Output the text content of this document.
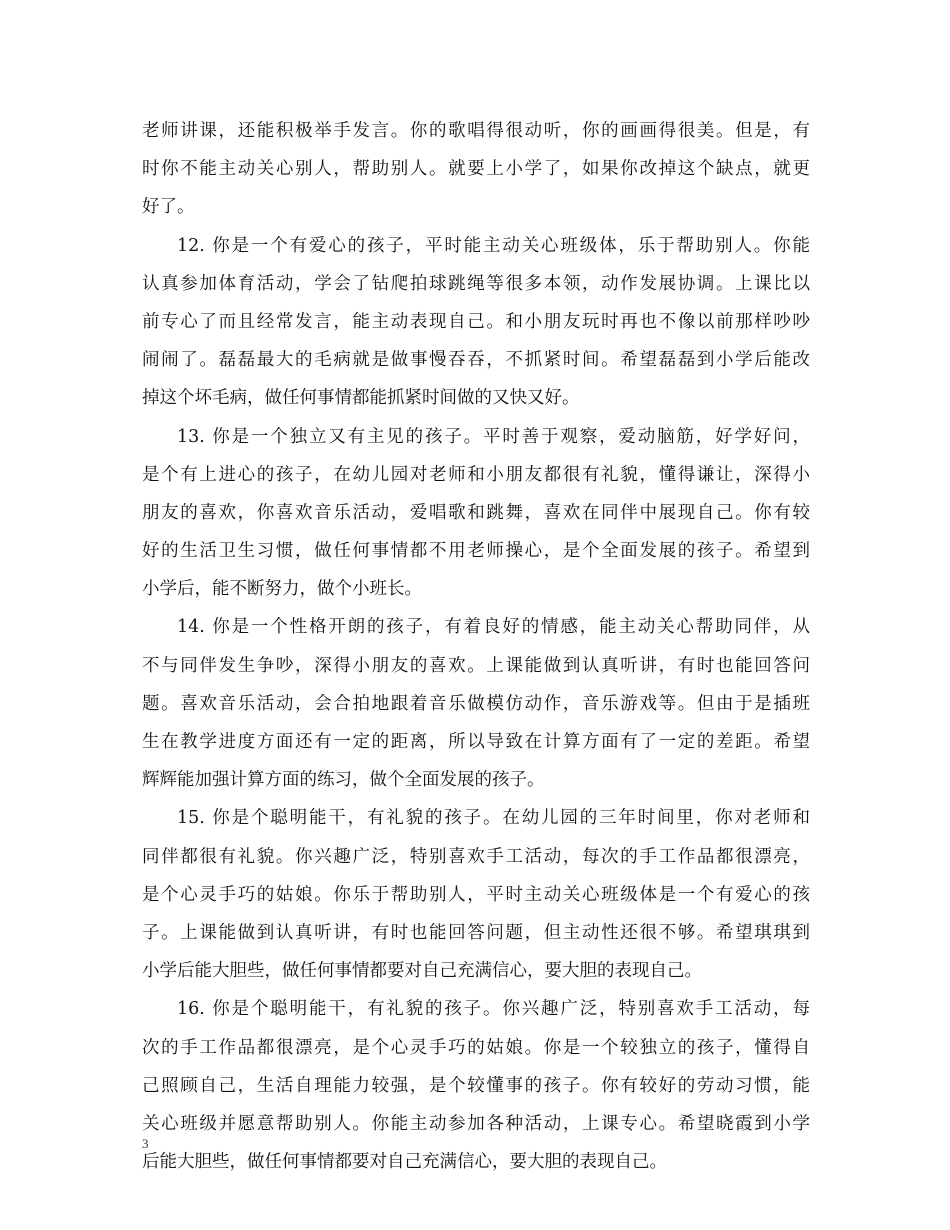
老师讲课，还能积极举手发言。你的歌唱得很动听，你的画画得很美。但是，有
时你不能主动关心别人，帮助别人。就要上小学了，如果你改掉这个缺点，就更
好了。
12. 你是一个有爱心的孩子，平时能主动关心班级体，乐于帮助别人。你能
认真参加体育活动，学会了钻爬拍球跳绳等很多本领，动作发展协调。上课比以
前专心了而且经常发言，能主动表现自己。和小朋友玩时再也不像以前那样吵吵
闹闹了。磊磊最大的毛病就是做事慢吞吞，不抓紧时间。希望磊磊到小学后能改
掉这个坏毛病，做任何事情都能抓紧时间做的又快又好。
13. 你是一个独立又有主见的孩子。平时善于观察，爱动脑筋，好学好问，
是个有上进心的孩子，在幼儿园对老师和小朋友都很有礼貌，懂得谦让，深得小
朋友的喜欢，你喜欢音乐活动，爱唱歌和跳舞，喜欢在同伴中展现自己。你有较
好的生活卫生习惯，做任何事情都不用老师操心，是个全面发展的孩子。希望到
小学后，能不断努力，做个小班长。
14. 你是一个性格开朗的孩子，有着良好的情感，能主动关心帮助同伴，从
不与同伴发生争吵，深得小朋友的喜欢。上课能做到认真听讲，有时也能回答问
题。喜欢音乐活动，会合拍地跟着音乐做模仿动作，音乐游戏等。但由于是插班
生在教学进度方面还有一定的距离，所以导致在计算方面有了一定的差距。希望
辉辉能加强计算方面的练习，做个全面发展的孩子。
15. 你是个聪明能干，有礼貌的孩子。在幼儿园的三年时间里，你对老师和
同伴都很有礼貌。你兴趣广泛，特别喜欢手工活动，每次的手工作品都很漂亮，
是个心灵手巧的姑娘。你乐于帮助别人，平时主动关心班级体是一个有爱心的孩
子。上课能做到认真听讲，有时也能回答问题，但主动性还很不够。希望琪琪到
小学后能大胆些，做任何事情都要对自己充满信心，要大胆的表现自己。
16. 你是个聪明能干，有礼貌的孩子。你兴趣广泛，特别喜欢手工活动，每
次的手工作品都很漂亮，是个心灵手巧的姑娘。你是一个较独立的孩子，懂得自
己照顾自己，生活自理能力较强，是个较懂事的孩子。你有较好的劳动习惯，能
关心班级并愿意帮助别人。你能主动参加各种活动，上课专心。希望晓霞到小学
后能大胆些，做任何事情都要对自己充满信心，要大胆的表现自己。
3
